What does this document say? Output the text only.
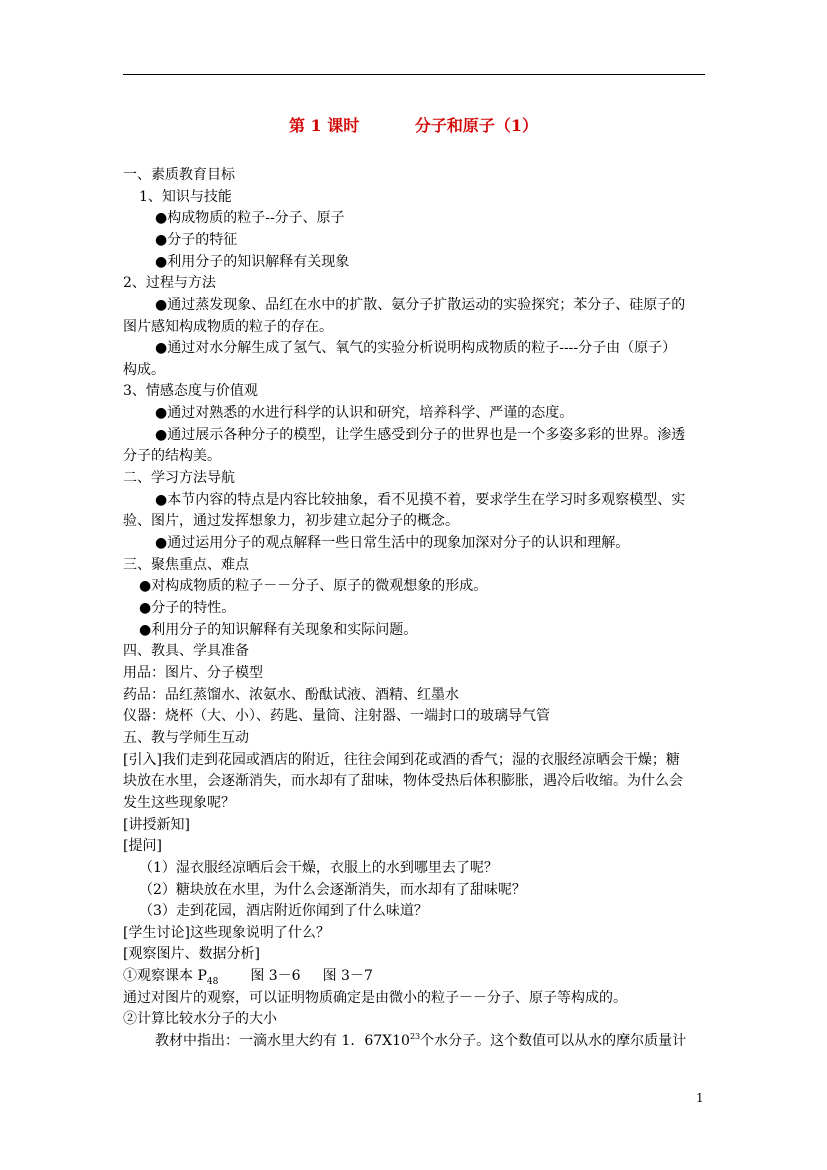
第 1 课时          分子和原子（1）
一、素质教育目标
1、知识与技能
●构成物质的粒子--分子、原子
●分子的特征
●利用分子的知识解释有关现象
2、过程与方法
●通过蒸发现象、品红在水中的扩散、氨分子扩散运动的实验探究；苯分子、硅原子的
图片感知构成物质的粒子的存在。
●通过对水分解生成了氢气、氧气的实验分析说明构成物质的粒子----分子由（原子）
构成。
3、情感态度与价值观
●通过对熟悉的水进行科学的认识和研究，培养科学、严谨的态度。
●通过展示各种分子的模型，让学生感受到分子的世界也是一个多姿多彩的世界。渗透
分子的结构美。
二、学习方法导航
●本节内容的特点是内容比较抽象，看不见摸不着，要求学生在学习时多观察模型、实
验、图片，通过发挥想象力，初步建立起分子的概念。
●通过运用分子的观点解释一些日常生活中的现象加深对分子的认识和理解。
三、聚焦重点、难点
●对构成物质的粒子－－分子、原子的微观想象的形成。
●分子的特性。
●利用分子的知识解释有关现象和实际问题。
四、教具、学具准备
用品：图片、分子模型
药品：品红蒸馏水、浓氨水、酚酞试液、酒精、红墨水
仪器：烧杯（大、小）、药匙、量筒、注射器、一端封口的玻璃导气管
五、教与学师生互动
[引入]我们走到花园或酒店的附近，往往会闻到花或酒的香气；湿的衣服经凉晒会干燥；糖
块放在水里，会逐渐消失，而水却有了甜味，物体受热后体积膨胀，遇冷后收缩。为什么会
发生这些现象呢？
[讲授新知]
[提问]
（1）湿衣服经凉晒后会干燥，衣服上的水到哪里去了呢？
（2）糖块放在水里，为什么会逐渐消失，而水却有了甜味呢？
（3）走到花园，酒店附近你闻到了什么味道？
[学生讨论]这些现象说明了什么？
[观察图片、数据分析]
①观察课本 $P_{48}$ 图 3－6 图 3－7
通过对图片的观察，可以证明物质确定是由微小的粒子－－分子、原子等构成的。
②计算比较水分子的大小
教材中指出：一滴水里大约有 1．$67X10^{23}$个水分子。这个数值可以从水的摩尔质量计
1
